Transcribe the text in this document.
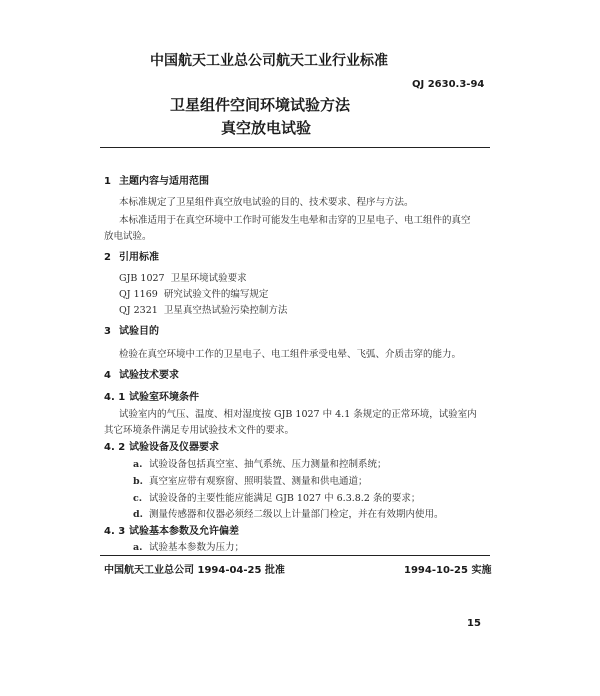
中国航天工业总公司航天工业行业标准
QJ 2630.3-94
卫星组件空间环境试验方法
真空放电试验
1 主题内容与适用范围
本标准规定了卫星组件真空放电试验的目的、技术要求、程序与方法。
本标准适用于在真空环境中工作时可能发生电晕和击穿的卫星电子、电工组件的真空
放电试验。
2 引用标准
GJB 1027 卫星环境试验要求
QJ 1169 研究试验文件的编写规定
QJ 2321 卫星真空热试验污染控制方法
3 试验目的
检验在真空环境中工作的卫星电子、电工组件承受电晕、飞弧、介质击穿的能力。
4 试验技术要求
4. 1 试验室环境条件
试验室内的气压、温度、相对湿度按 GJB 1027 中 4.1 条规定的正常环境，试验室内
其它环境条件满足专用试验技术文件的要求。
4. 2 试验设备及仪器要求
a. 试验设备包括真空室、抽气系统、压力测量和控制系统；
b. 真空室应带有观察窗、照明装置、测量和供电通道；
c. 试验设备的主要性能应能满足 GJB 1027 中 6.3.8.2 条的要求；
d. 测量传感器和仪器必须经二级以上计量部门检定，并在有效期内使用。
4. 3 试验基本参数及允许偏差
a. 试验基本参数为压力；
中国航天工业总公司 1994-04-25 批准	1994-10-25 实施
15
